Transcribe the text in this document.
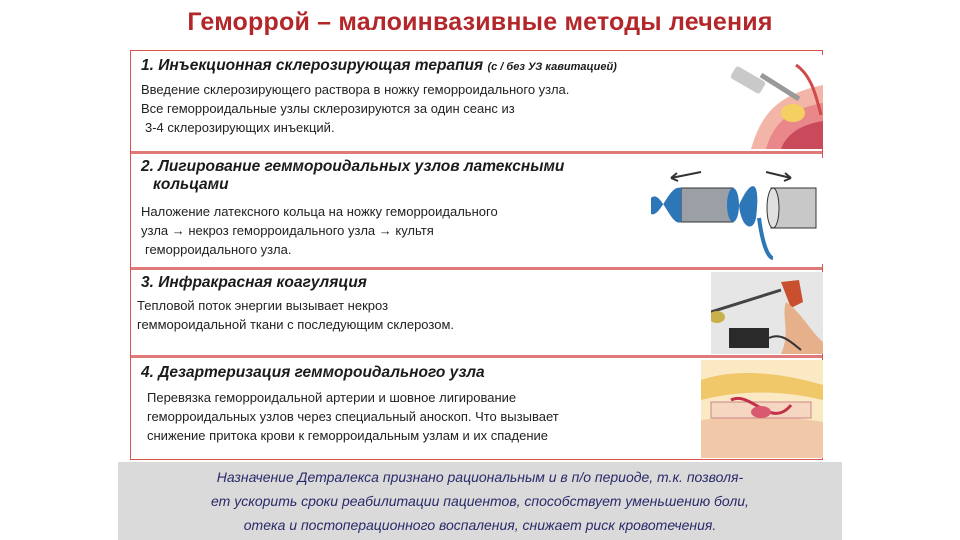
Геморрой – малоинвазивные методы лечения
1. Инъекционная склерозирующая терапия (с / без УЗ кавитацией)
Введение склерозирующего раствора в ножку геморроидального узла.
Все геморроидальные узлы склерозируются за один сеанс из
3-4 склерозирующих инъекций.
2. Лигирование геммороидальных узлов латексными
кольцами
Наложение латексного кольца на ножку геморроидального
узла → некроз геморроидального узла → культя
геморроидального узла.
3. Инфракрасная коагуляция
Тепловой поток энергии вызывает некроз
геммороидальной ткани с последующим склерозом.
4. Дезартеризация гемморoидального узла
Перевязка геморроидальной артерии и шовное лигирование
геморроидальных узлов через специальный аноскоп. Что вызывает
снижение притока крови к геморроидальным узлам и их спадение
Назначение Детралекса признано рациональным и в п/о периоде, т.к. позволя-
ет ускорить сроки реабилитации пациентов, способствует уменьшению боли,
отека и постоперационного воспаления, снижает риск кровотечения.
